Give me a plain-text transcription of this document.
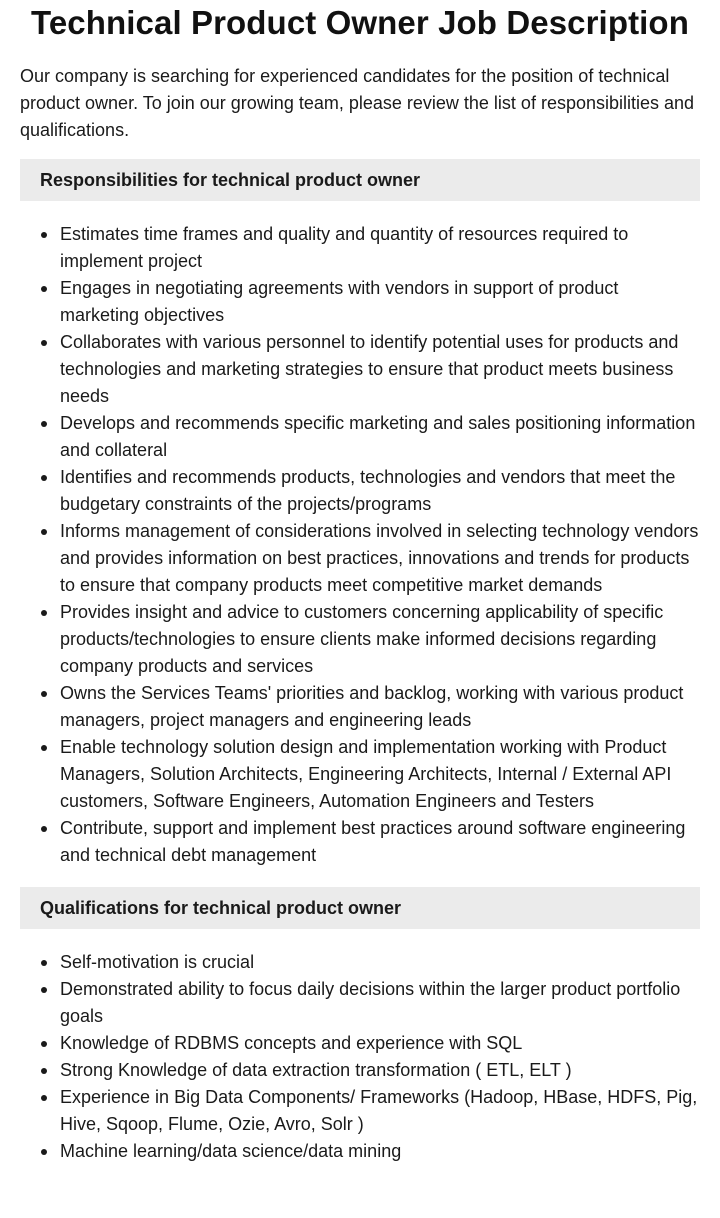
Technical Product Owner Job Description

Our company is searching for experienced candidates for the position of technical product owner. To join our growing team, please review the list of responsibilities and qualifications.

Responsibilities for technical product owner
Estimates time frames and quality and quantity of resources required to implement project
Engages in negotiating agreements with vendors in support of product marketing objectives
Collaborates with various personnel to identify potential uses for products and technologies and marketing strategies to ensure that product meets business needs
Develops and recommends specific marketing and sales positioning information and collateral
Identifies and recommends products, technologies and vendors that meet the budgetary constraints of the projects/programs
Informs management of considerations involved in selecting technology vendors and provides information on best practices, innovations and trends for products to ensure that company products meet competitive market demands
Provides insight and advice to customers concerning applicability of specific products/technologies to ensure clients make informed decisions regarding company products and services
Owns the Services Teams' priorities and backlog, working with various product managers, project managers and engineering leads
Enable technology solution design and implementation working with Product Managers, Solution Architects, Engineering Architects, Internal / External API customers, Software Engineers, Automation Engineers and Testers
Contribute, support and implement best practices around software engineering and technical debt management
Qualifications for technical product owner
Self-motivation is crucial
Demonstrated ability to focus daily decisions within the larger product portfolio goals
Knowledge of RDBMS concepts and experience with SQL
Strong Knowledge of data extraction transformation ( ETL, ELT )
Experience in Big Data Components/ Frameworks (Hadoop, HBase, HDFS, Pig, Hive, Sqoop, Flume, Ozie, Avro, Solr )
Machine learning/data science/data mining
